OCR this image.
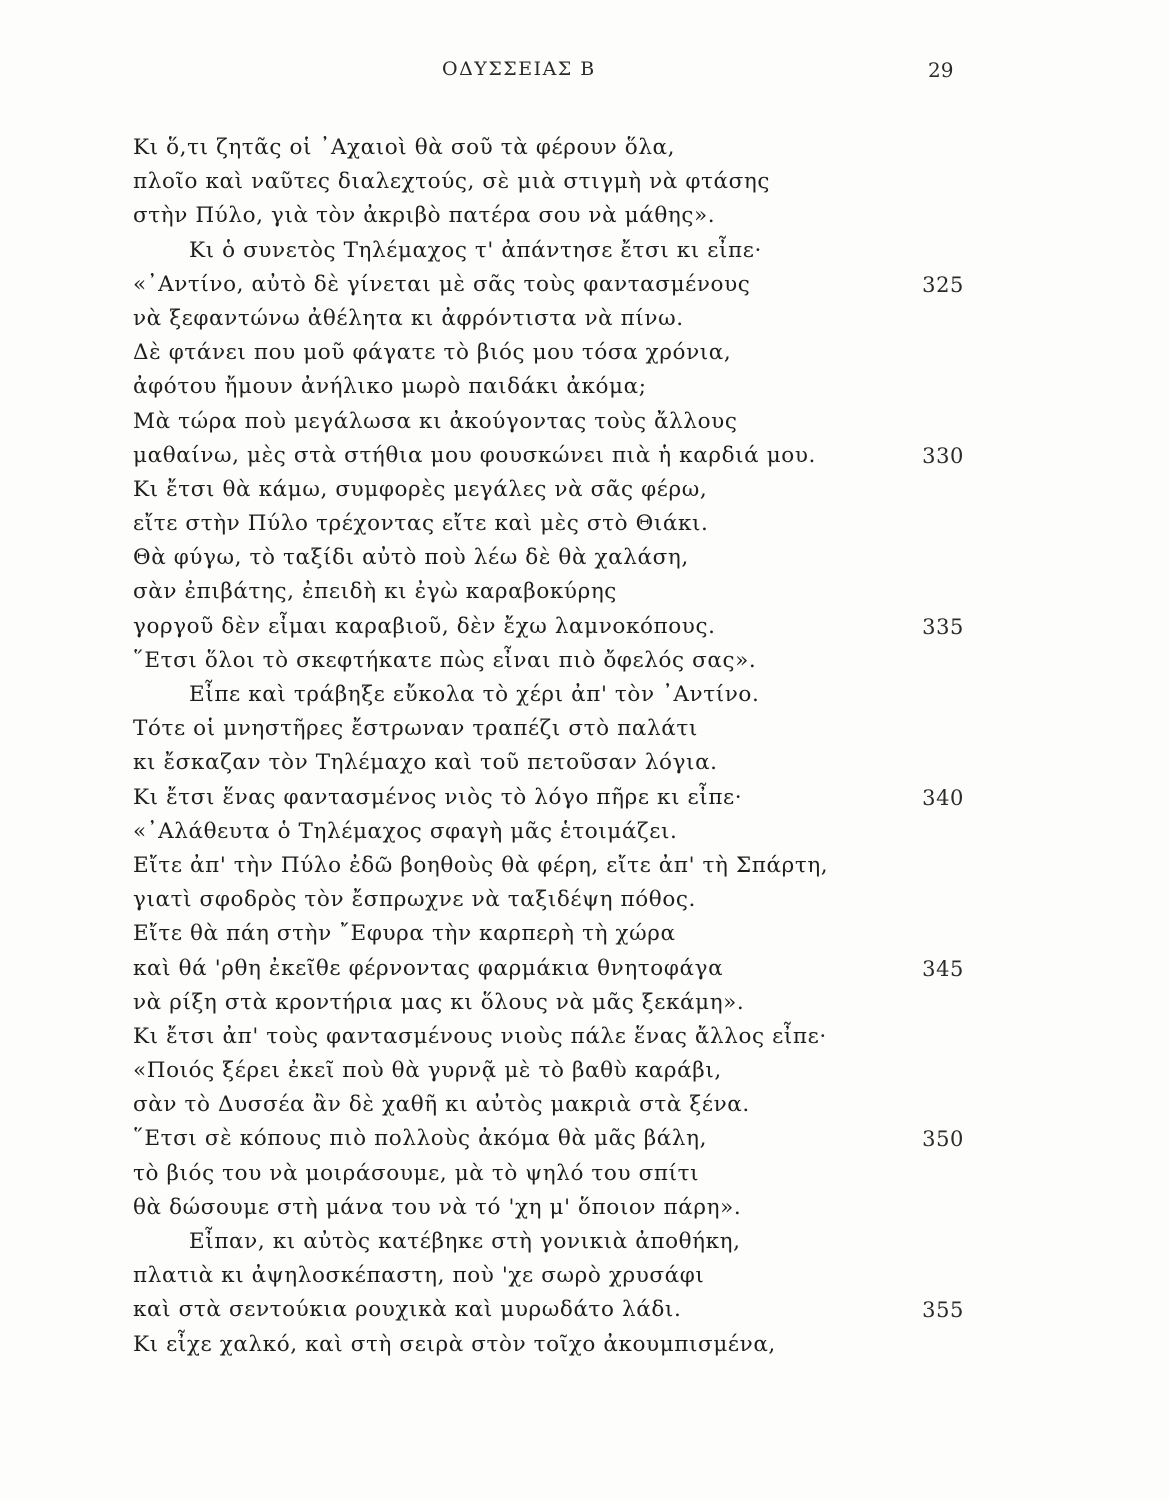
ΟΔΥΣΣΕΙΑΣ Β	29
Κι ὅ,τι ζητᾶς οἱ ᾿Αχαιοὶ θὰ σοῦ τὰ φέρουν ὅλα,
πλοῖο καὶ ναῦτες διαλεχτούς, σὲ μιὰ στιγμὴ νὰ φτάσης
στὴν Πύλο, γιὰ τὸν ἀκριβὸ πατέρα σου νὰ μάθης».
Κι ὁ συνετὸς Τηλέμαχος τ' ἀπάντησε ἔτσι κι εἶπε·
«᾿Αντίνο, αὐτὸ δὲ γίνεται μὲ σᾶς τοὺς φαντασμένους	325
νὰ ξεφαντώνω ἀθέλητα κι ἀφρόντιστα νὰ πίνω.
Δὲ φτάνει που μοῦ φάγατε τὸ βιός μου τόσα χρόνια,
ἀφότου ἤμουν ἀνήλικο μωρὸ παιδάκι ἀκόμα;
Μὰ τώρα ποὺ μεγάλωσα κι ἀκούγοντας τοὺς ἄλλους
μαθαίνω, μὲς στὰ στήθια μου φουσκώνει πιὰ ἡ καρδιά μου.	330
Κι ἔτσι θὰ κάμω, συμφορὲς μεγάλες νὰ σᾶς φέρω,
εἴτε στὴν Πύλο τρέχοντας εἴτε καὶ μὲς στὸ Θιάκι.
Θὰ φύγω, τὸ ταξίδι αὐτὸ ποὺ λέω δὲ θὰ χαλάση,
σὰν ἐπιβάτης, ἐπειδὴ κι ἐγὼ καραβοκύρης
γοργοῦ δὲν εἶμαι καραβιοῦ, δὲν ἔχω λαμνοκόπους.	335
῞Ετσι ὅλοι τὸ σκεφτήκατε πὼς εἶναι πιὸ ὄφελός σας».
Εἶπε καὶ τράβηξε εὔκολα τὸ χέρι ἀπ' τὸν ᾿Αντίνο.
Τότε οἱ μνηστῆρες ἔστρωναν τραπέζι στὸ παλάτι
κι ἔσκαζαν τὸν Τηλέμαχο καὶ τοῦ πετοῦσαν λόγια.
Κι ἔτσι ἕνας φαντασμένος νιὸς τὸ λόγο πῆρε κι εἶπε·	340
«᾿Αλάθευτα ὁ Τηλέμαχος σφαγὴ μᾶς ἑτοιμάζει.
Εἴτε ἀπ' τὴν Πύλο ἐδῶ βοηθοὺς θὰ φέρη, εἴτε ἀπ' τὴ Σπάρτη,
γιατὶ σφοδρὸς τὸν ἔσπρωχνε νὰ ταξιδέψη πόθος.
Εἴτε θὰ πάη στὴν ῎Εφυρα τὴν καρπερὴ τὴ χώρα
καὶ θά 'ρθη ἐκεῖθε φέρνοντας φαρμάκια θνητοφάγα	345
νὰ ρίξη στὰ κροντήρια μας κι ὅλους νὰ μᾶς ξεκάμη».
Κι ἔτσι ἀπ' τοὺς φαντασμένους νιοὺς πάλε ἕνας ἄλλος εἶπε·
«Ποιός ξέρει ἐκεῖ ποὺ θὰ γυρνᾷ μὲ τὸ βαθὺ καράβι,
σὰν τὸ Δυσσέα ἂν δὲ χαθῆ κι αὐτὸς μακριὰ στὰ ξένα.
῞Ετσι σὲ κόπους πιὸ πολλοὺς ἀκόμα θὰ μᾶς βάλη,	350
τὸ βιός του νὰ μοιράσουμε, μὰ τὸ ψηλό του σπίτι
θὰ δώσουμε στὴ μάνα του νὰ τό 'χη μ' ὅποιον πάρη».
Εἶπαν, κι αὐτὸς κατέβηκε στὴ γονικιὰ ἀποθήκη,
πλατιὰ κι ἀψηλοσκέπαστη, ποὺ 'χε σωρὸ χρυσάφι
καὶ στὰ σεντούκια ρουχικὰ καὶ μυρωδάτο λάδι.	355
Κι εἶχε χαλκό, καὶ στὴ σειρὰ στὸν τοῖχο ἀκουμπισμένα,
